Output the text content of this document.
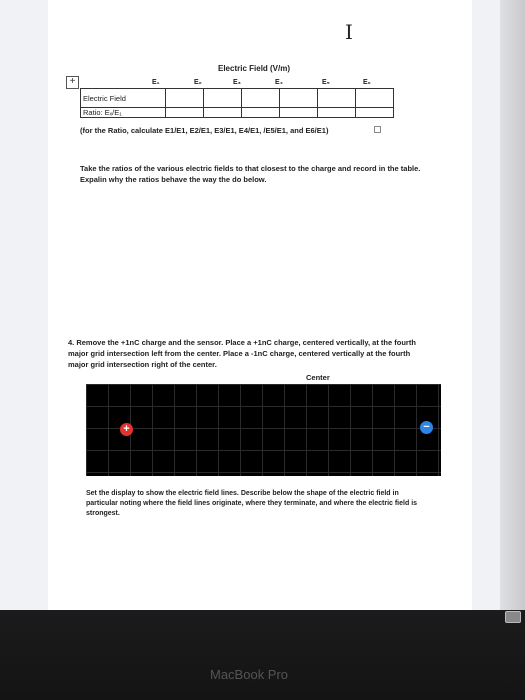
I
Electric Field (V/m)
+	E₁	E₂	E₃	E₄	E₅	E₆
Electric Field						
Ratio: Eₓ/E₁						
(for the Ratio, calculate E1/E1, E2/E1, E3/E1, E4/E1, /E5/E1, and E6/E1)
Take the ratios of the various electric fields to that closest to the charge and record in the table. Expalin why the ratios behave the way the do below.
4. Remove the +1nC charge and the sensor. Place a +1nC charge, centered vertically, at the fourth major grid intersection left from the center. Place a -1nC charge, centered vertically at the fourth major grid intersection right of the center.
Center
+	−
Set the display to show the electric field lines. Describe below the shape of the electric field in particular noting where the field lines originate, where they terminate, and where the electric field is strongest.
MacBook Pro
